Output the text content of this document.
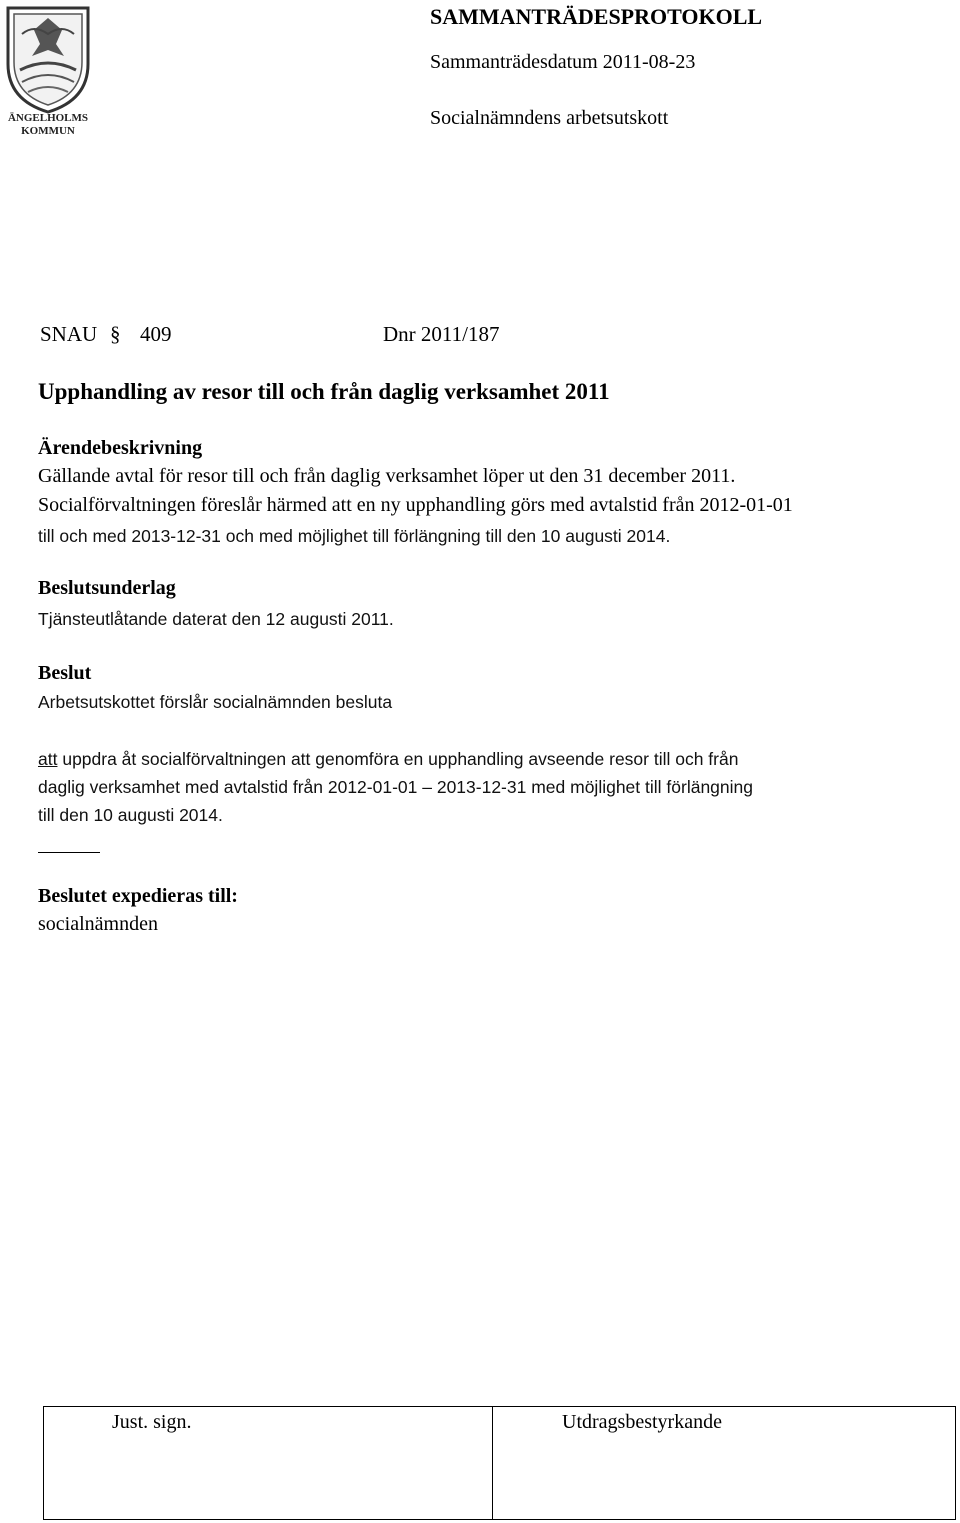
ÄNGELHOLMS
KOMMUN
SAMMANTRÄDESPROTOKOLL
Sammanträdesdatum 2011-08-23
Socialnämndens arbetsutskott
SNAU § 409	Dnr 2011/187
Upphandling av resor till och från daglig verksamhet 2011
Ärendebeskrivning
Gällande avtal för resor till och från daglig verksamhet löper ut den 31 december 2011.
Socialförvaltningen föreslår härmed att en ny upphandling görs med avtalstid från 2012-01-01
till och med 2013-12-31 och med möjlighet till förlängning till den 10 augusti 2014.
Beslutsunderlag
Tjänsteutlåtande daterat den 12 augusti 2011.
Beslut
Arbetsutskottet förslår socialnämnden besluta
att uppdra åt socialförvaltningen att genomföra en upphandling avseende resor till och från
daglig verksamhet med avtalstid från 2012-01-01 – 2013-12-31 med möjlighet till förlängning
till den 10 augusti 2014.
Beslutet expedieras till:
socialnämnden
Just. sign.	Utdragsbestyrkande
